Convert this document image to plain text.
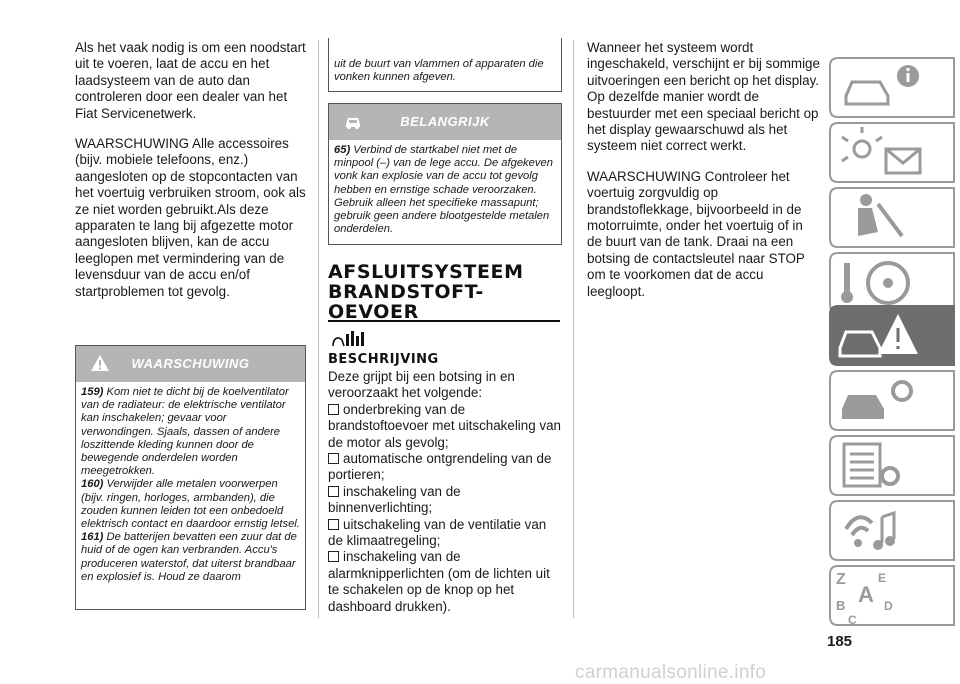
Als het vaak nodig is om een noodstart uit te voeren, laat de accu en het laadsysteem van de auto dan controleren door een dealer van het Fiat Servicenetwerk.

WAARSCHUWING Alle accessoires (bijv. mobiele telefoons, enz.) aangesloten op de stopcontacten van het voertuig verbruiken stroom, ook als ze niet worden gebruikt.Als deze apparaten te lang bij afgezette motor aangesloten blijven, kan de accu leeglopen met vermindering van de levensduur van de accu en/of startproblemen tot gevolg.

WAARSCHUWING

159) Kom niet te dicht bij de koelventilator van de radiateur: de elektrische ventilator kan inschakelen; gevaar voor verwondingen. Sjaals, dassen of andere loszittende kleding kunnen door de bewegende onderdelen worden meegetrokken.

160) Verwijder alle metalen voorwerpen (bijv. ringen, horloges, armbanden), die zouden kunnen leiden tot een onbedoeld elektrisch contact en daardoor ernstig letsel.

161) De batterijen bevatten een zuur dat de huid of de ogen kan verbranden. Accu's produceren waterstof, dat uiterst brandbaar en explosief is. Houd ze daarom

uit de buurt van vlammen of apparaten die vonken kunnen afgeven.
BELANGRIJK

65) Verbind de startkabel niet met de minpool (–) van de lege accu. De afgekeven vonk kan explosie van de accu tot gevolg hebben en ernstige schade veroorzaken. Gebruik alleen het specifieke massapunt; gebruik geen andere blootgestelde metalen onderdelen.

AFSLUITSYSTEEM BRANDSTOFT-OEVOER
BESCHRIJVING
Deze grijpt bij een botsing in en veroorzaakt het volgende:
onderbreking van de brandstoftoevoer met uitschakeling van de motor als gevolg;
automatische ontgrendeling van de portieren;
inschakeling van de binnenverlichting;
uitschakeling van de ventilatie van de klimaatregeling;
inschakeling van de alarmknipperlichten (om de lichten uit te schakelen op de knop op het dashboard drukken).

Wanneer het systeem wordt ingeschakeld, verschijnt er bij sommige uitvoeringen een bericht op het display. Op dezelfde manier wordt de bestuurder met een speciaal bericht op het display gewaarschuwd als het systeem niet correct werkt.

WAARSCHUWING Controleer het voertuig zorgvuldig op brandstoflekkage, bijvoorbeeld in de motorruimte, onder het voertuig of in de buurt van de tank. Draai na een botsing de contactsleutel naar STOP om te voorkomen dat de accu leegloopt.

Z	E
A
B
C
D
185
carmanualsonline.info
